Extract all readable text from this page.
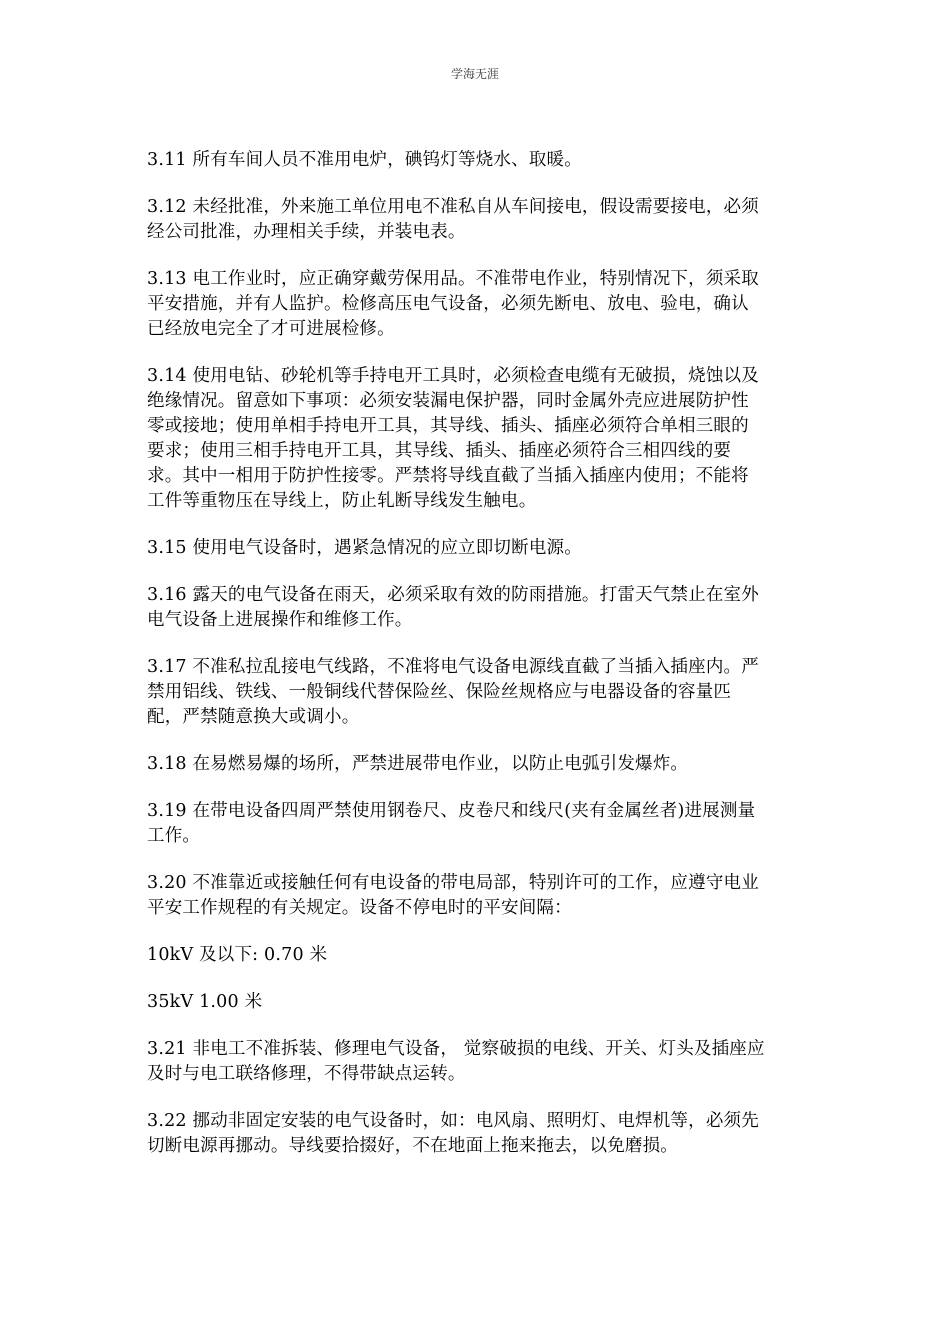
学海无涯

3.11 所有车间人员不准用电炉，碘钨灯等烧水、取暖。

3.12 未经批准，外来施工单位用电不准私自从车间接电，假设需要接电，必须
经公司批准，办理相关手续，并装电表。

3.13 电工作业时，应正确穿戴劳保用品。不准带电作业，特别情况下，须采取
平安措施，并有人监护。检修高压电气设备，必须先断电、放电、验电，确认
已经放电完全了才可进展检修。

3.14 使用电钻、砂轮机等手持电开工具时，必须检查电缆有无破损，烧蚀以及
绝缘情况。留意如下事项：必须安装漏电保护器，同时金属外壳应进展防护性
零或接地；使用单相手持电开工具，其导线、插头、插座必须符合单相三眼的
要求；使用三相手持电开工具，其导线、插头、插座必须符合三相四线的要
求。其中一相用于防护性接零。严禁将导线直截了当插入插座内使用；不能将
工件等重物压在导线上，防止轧断导线发生触电。

3.15 使用电气设备时，遇紧急情况的应立即切断电源。

3.16 露天的电气设备在雨天，必须采取有效的防雨措施。打雷天气禁止在室外
电气设备上进展操作和维修工作。

3.17 不准私拉乱接电气线路，不准将电气设备电源线直截了当插入插座内。严
禁用铝线、铁线、一般铜线代替保险丝、保险丝规格应与电器设备的容量匹
配，严禁随意换大或调小。

3.18 在易燃易爆的场所，严禁进展带电作业，以防止电弧引发爆炸。

3.19 在带电设备四周严禁使用钢卷尺、皮卷尺和线尺(夹有金属丝者)进展测量
工作。

3.20 不准靠近或接触任何有电设备的带电局部，特别许可的工作，应遵守电业
平安工作规程的有关规定。设备不停电时的平安间隔：

10kV 及以下: 0.70 米

35kV 1.00 米

3.21 非电工不准拆装、修理电气设备， 觉察破损的电线、开关、灯头及插座应
及时与电工联络修理，不得带缺点运转。

3.22 挪动非固定安装的电气设备时，如：电风扇、照明灯、电焊机等，必须先
切断电源再挪动。导线要拾掇好，不在地面上拖来拖去，以免磨损。
